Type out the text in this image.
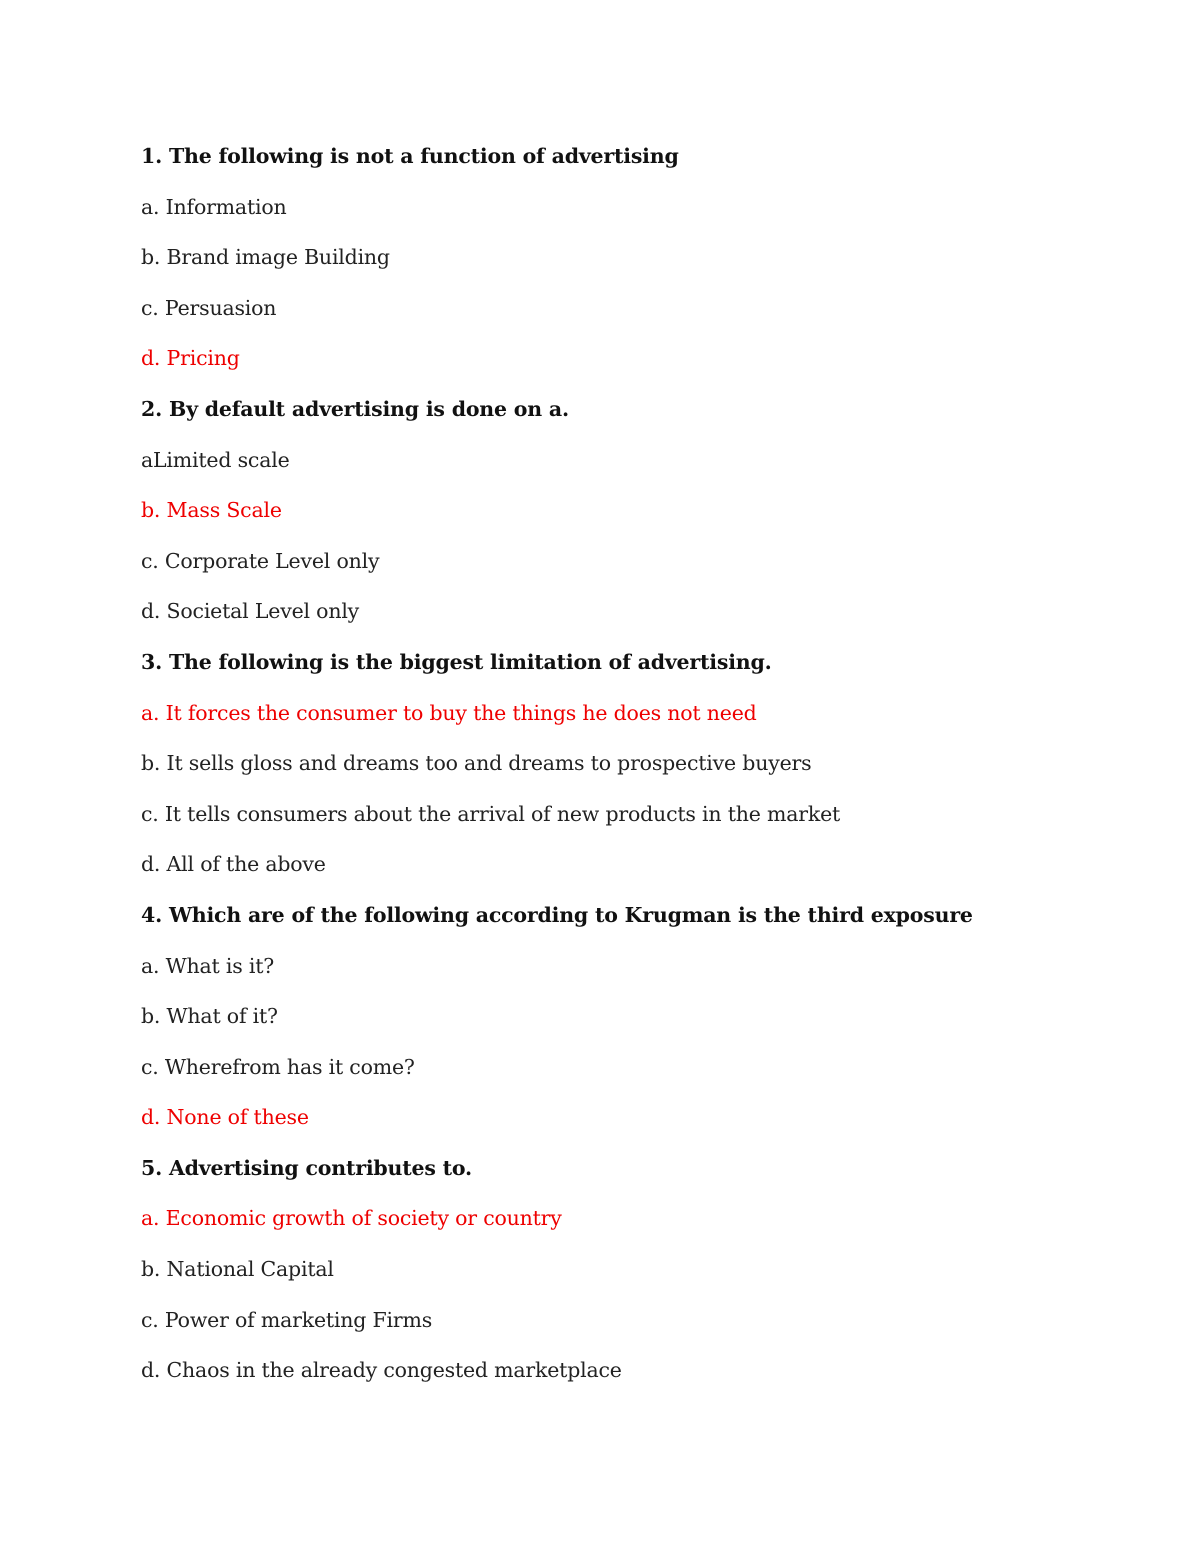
1. The following is not a function of advertising
a. Information
b. Brand image Building
c. Persuasion
d. Pricing
2. By default advertising is done on a.
aLimited scale
b. Mass Scale
c. Corporate Level only
d. Societal Level only
3. The following is the biggest limitation of advertising.
a. It forces the consumer to buy the things he does not need
b. It sells gloss and dreams too and dreams to prospective buyers
c. It tells consumers about the arrival of new products in the market
d. All of the above
4. Which are of the following according to Krugman is the third exposure
a. What is it?
b. What of it?
c. Wherefrom has it come?
d. None of these
5. Advertising contributes to.
a. Economic growth of society or country
b. National Capital
c. Power of marketing Firms
d. Chaos in the already congested marketplace
